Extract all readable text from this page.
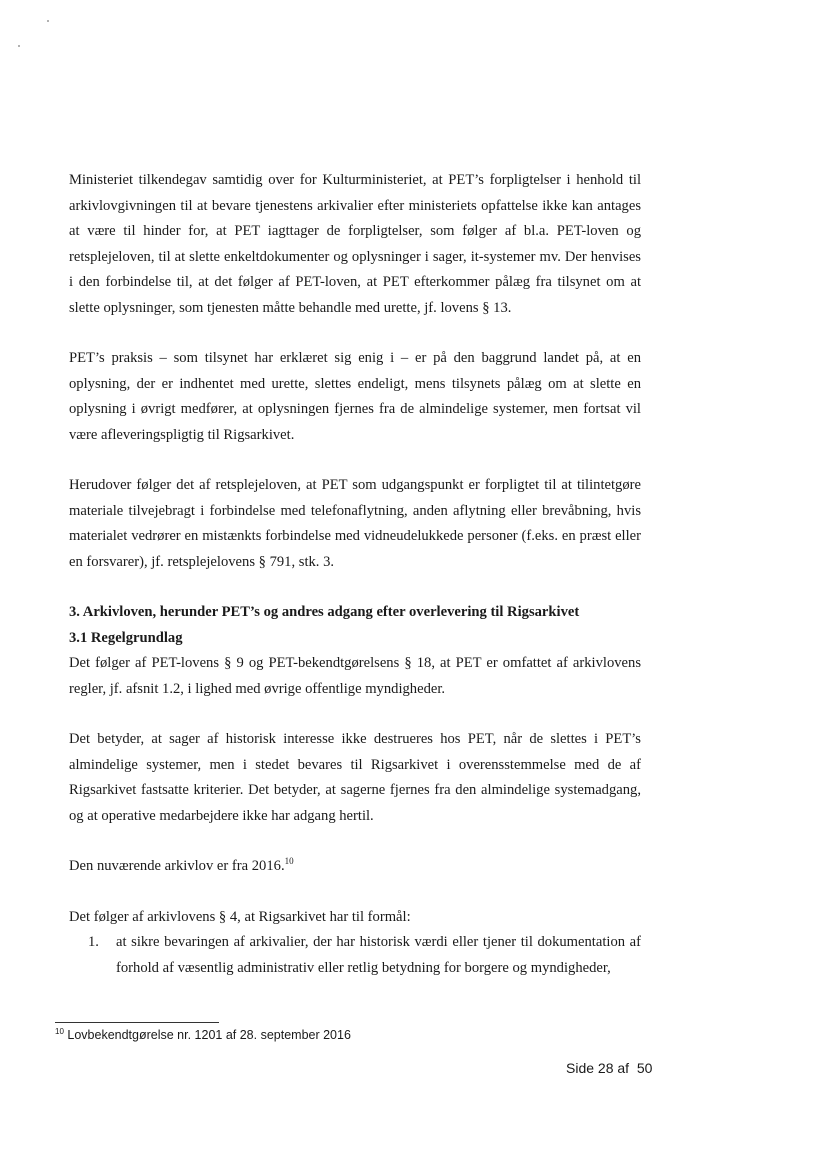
Ministeriet tilkendegav samtidig over for Kulturministeriet, at PET’s forpligtelser i henhold til arkivlovgivningen til at bevare tjenestens arkivalier efter ministeriets opfattelse ikke kan antages at være til hinder for, at PET iagttager de forpligtelser, som følger af bl.a. PET-loven og retsplejeloven, til at slette enkeltdokumenter og oplysninger i sager, it-systemer mv. Der henvises i den forbindelse til, at det følger af PET-loven, at PET efterkommer pålæg fra tilsynet om at slette oplysninger, som tjenesten måtte behandle med urette, jf. lovens § 13.

PET’s praksis – som tilsynet har erklæret sig enig i – er på den baggrund landet på, at en oplysning, der er indhentet med urette, slettes endeligt, mens tilsynets pålæg om at slette en oplysning i øvrigt medfører, at oplysningen fjernes fra de almindelige systemer, men fortsat vil være afleveringspligtig til Rigsarkivet.

Herudover følger det af retsplejeloven, at PET som udgangspunkt er forpligtet til at tilintetgøre materiale tilvejebragt i forbindelse med telefonaflytning, anden aflytning eller brevåbning, hvis materialet vedrører en mistænkts forbindelse med vidneudelukkede personer (f.eks. en præst eller en forsvarer), jf. retsplejelovens § 791, stk. 3.

3. Arkivloven, herunder PET’s og andres adgang efter overlevering til Rigsarkivet

3.1 Regelgrundlag

Det følger af PET-lovens § 9 og PET-bekendtgørelsens § 18, at PET er omfattet af arkivlovens regler, jf. afsnit 1.2, i lighed med øvrige offentlige myndigheder.

Det betyder, at sager af historisk interesse ikke destrueres hos PET, når de slettes i PET’s almindelige systemer, men i stedet bevares til Rigsarkivet i overensstemmelse med de af Rigsarkivet fastsatte kriterier. Det betyder, at sagerne fjernes fra den almindelige systemadgang, og at operative medarbejdere ikke har adgang hertil.

Den nuværende arkivlov er fra 2016.10

Det følger af arkivlovens § 4, at Rigsarkivet har til formål:

1. at sikre bevaringen af arkivalier, der har historisk værdi eller tjener til dokumentation af forhold af væsentlig administrativ eller retlig betydning for borgere og myndigheder,
$^{10}$ Lovbekendtgørelse nr. 1201 af 28. september 2016
Side 28 af  50
